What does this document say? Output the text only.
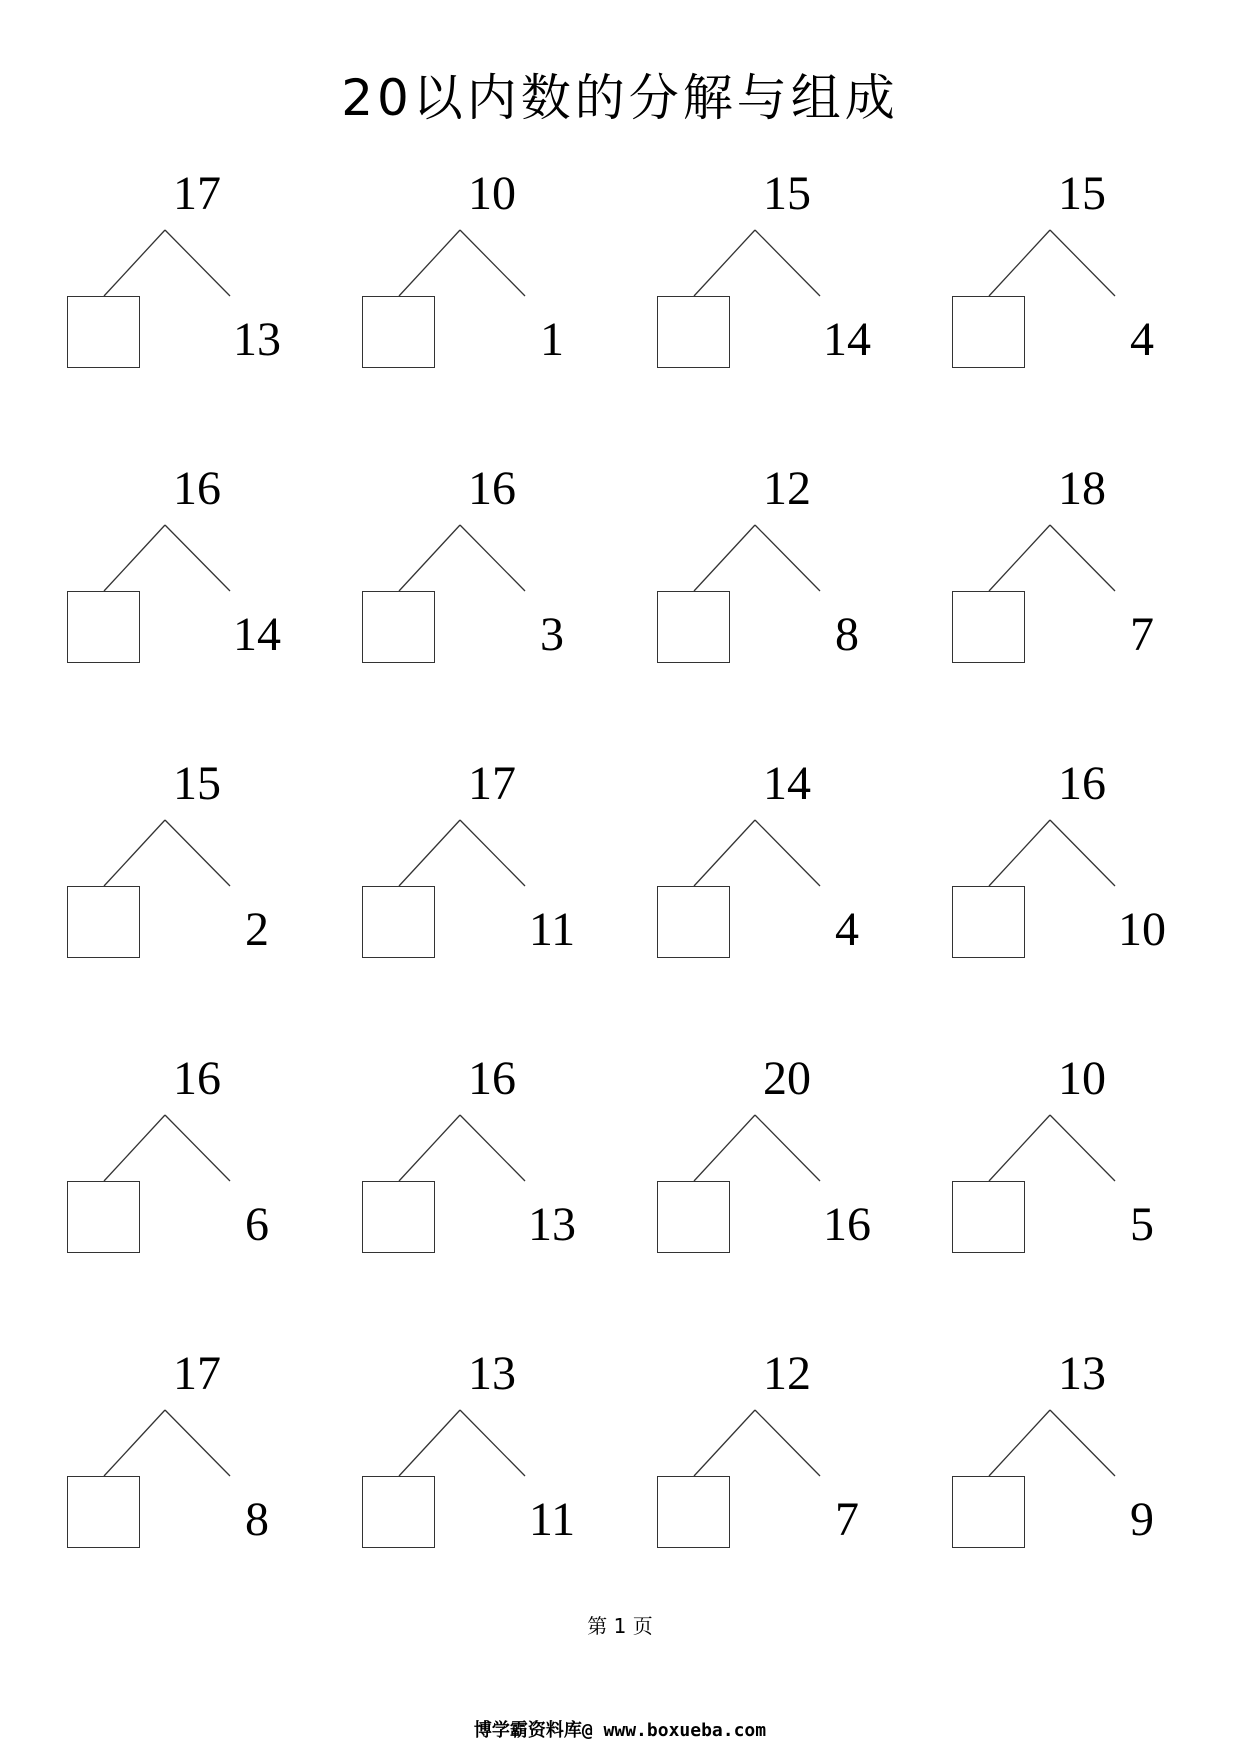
20以内数的分解与组成
17
13
10
1
15
14
15
4
16
14
16
3
12
8
18
7
15
2
17
11
14
4
16
10
16
6
16
13
20
16
10
5
17
8
13
11
12
7
13
9
第 1 页
博学霸资料库@ www.boxueba.com
